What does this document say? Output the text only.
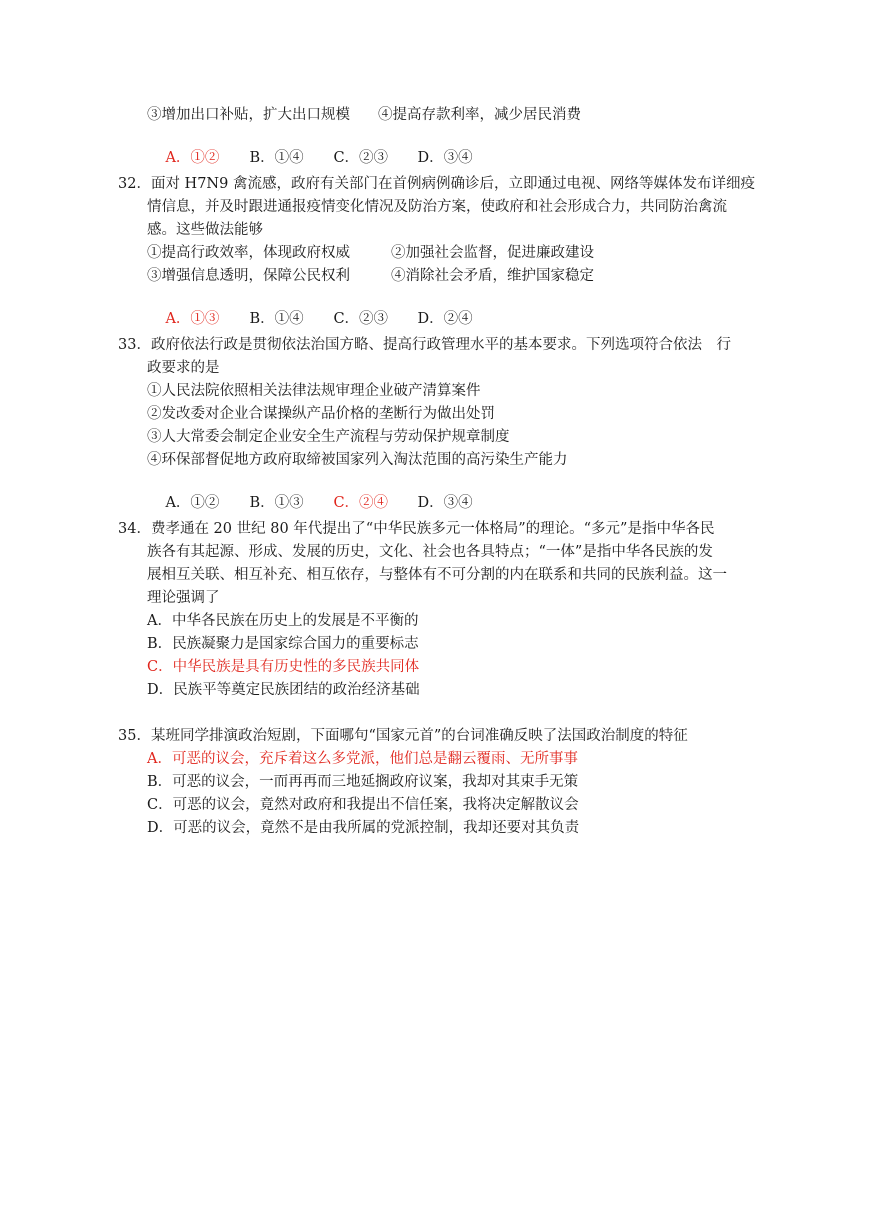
③增加出口补贴，扩大出口规模 ④提高存款利率，减少居民消费

A．①② B．①④ C．②③ D．③④

32．面对 H7N9 禽流感，政府有关部门在首例病例确诊后，立即通过电视、网络等媒体发布详细疫
情信息，并及时跟进通报疫情变化情况及防治方案，使政府和社会形成合力，共同防治禽流
感。这些做法能够
①提高行政效率，体现政府权威	②加强社会监督，促进廉政建设
③增强信息透明，保障公民权利	④消除社会矛盾，维护国家稳定

A．①③ B．①④ C．②③ D．②④

33．政府依法行政是贯彻依法治国方略、提高行政管理水平的基本要求。下列选项符合依法　行
政要求的是
①人民法院依照相关法律法规审理企业破产清算案件
②发改委对企业合谋操纵产品价格的垄断行为做出处罚
③人大常委会制定企业安全生产流程与劳动保护规章制度
④环保部督促地方政府取缔被国家列入淘汰范围的高污染生产能力

A．①② B．①③ C．②④ D．③④

34．费孝通在 20 世纪 80 年代提出了“中华民族多元一体格局”的理论。“多元”是指中华各民
族各有其起源、形成、发展的历史，文化、社会也各具特点；“一体”是指中华各民族的发
展相互关联、相互补充、相互依存，与整体有不可分割的内在联系和共同的民族利益。这一
理论强调了
A．中华各民族在历史上的发展是不平衡的
B．民族凝聚力是国家综合国力的重要标志
C．中华民族是具有历史性的多民族共同体
D．民族平等奠定民族团结的政治经济基础
35．某班同学排演政治短剧，下面哪句“国家元首”的台词准确反映了法国政治制度的特征
A．可恶的议会，充斥着这么多党派，他们总是翻云覆雨、无所事事
B．可恶的议会，一而再再而三地延搁政府议案，我却对其束手无策
C．可恶的议会，竟然对政府和我提出不信任案，我将决定解散议会
D．可恶的议会，竟然不是由我所属的党派控制，我却还要对其负责
